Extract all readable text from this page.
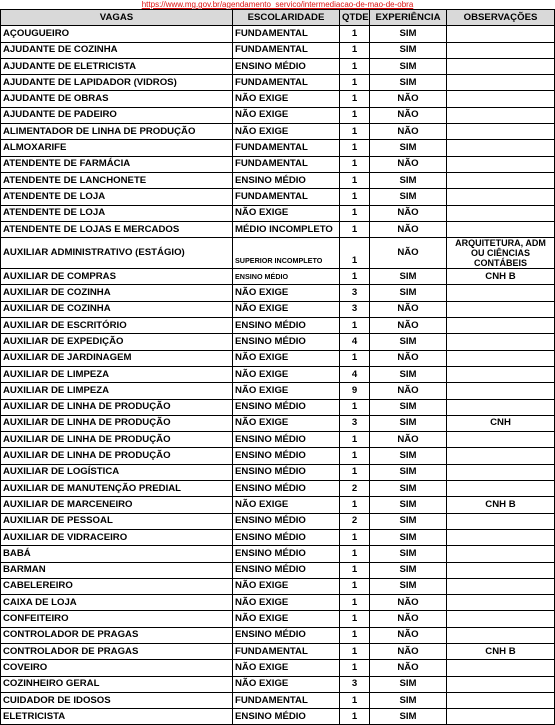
https://www.mg.gov.br/agendamento_servico/intermediacao-de-mao-de-obra
VAGAS	ESCOLARIDADE	QTDE	EXPERIÊNCIA	OBSERVAÇÕES
AÇOUGUEIRO	FUNDAMENTAL	1	SIM	
AJUDANTE DE COZINHA	FUNDAMENTAL	1	SIM	
AJUDANTE DE ELETRICISTA	ENSINO MÉDIO	1	SIM	
AJUDANTE DE LAPIDADOR (VIDROS)	FUNDAMENTAL	1	SIM	
AJUDANTE DE OBRAS	NÃO EXIGE	1	NÃO	
AJUDANTE DE PADEIRO	NÃO EXIGE	1	NÃO	
ALIMENTADOR DE LINHA DE PRODUÇÃO	NÃO EXIGE	1	NÃO	
ALMOXARIFE	FUNDAMENTAL	1	SIM	
ATENDENTE DE FARMÁCIA	FUNDAMENTAL	1	NÃO	
ATENDENTE DE LANCHONETE	ENSINO MÉDIO	1	SIM	
ATENDENTE DE LOJA	FUNDAMENTAL	1	SIM	
ATENDENTE DE LOJA	NÃO EXIGE	1	NÃO	
ATENDENTE DE LOJAS E MERCADOS	MÉDIO INCOMPLETO	1	NÃO	
AUXILIAR ADMINISTRATIVO (ESTÁGIO)	SUPERIOR INCOMPLETO	1	NÃO	ARQUITETURA, ADM OU CIÊNCIAS CONTÁBEIS
AUXILIAR DE COMPRAS	ENSINO MÉDIO	1	SIM	CNH B
AUXILIAR DE COZINHA	NÃO EXIGE	3	SIM	
AUXILIAR DE COZINHA	NÃO EXIGE	3	NÃO	
AUXILIAR DE ESCRITÓRIO	ENSINO MÉDIO	1	NÃO	
AUXILIAR DE EXPEDIÇÃO	ENSINO MÉDIO	4	SIM	
AUXILIAR DE JARDINAGEM	NÃO EXIGE	1	NÃO	
AUXILIAR DE LIMPEZA	NÃO EXIGE	4	SIM	
AUXILIAR DE LIMPEZA	NÃO EXIGE	9	NÃO	
AUXILIAR DE LINHA DE PRODUÇÃO	ENSINO MÉDIO	1	SIM	
AUXILIAR DE LINHA DE PRODUÇÃO	NÃO EXIGE	3	SIM	CNH
AUXILIAR DE LINHA DE PRODUÇÃO	ENSINO MÉDIO	1	NÃO	
AUXILIAR DE LINHA DE PRODUÇÃO	ENSINO MÉDIO	1	SIM	
AUXILIAR DE LOGÍSTICA	ENSINO MÉDIO	1	SIM	
AUXILIAR DE MANUTENÇÃO PREDIAL	ENSINO MÉDIO	2	SIM	
AUXILIAR DE MARCENEIRO	NÃO EXIGE	1	SIM	CNH B
AUXILIAR DE PESSOAL	ENSINO MÉDIO	2	SIM	
AUXILIAR DE VIDRACEIRO	ENSINO MÉDIO	1	SIM	
BABÁ	ENSINO MÉDIO	1	SIM	
BARMAN	ENSINO MÉDIO	1	SIM	
CABELEREIRO	NÃO EXIGE	1	SIM	
CAIXA DE LOJA	NÃO EXIGE	1	NÃO	
CONFEITEIRO	NÃO EXIGE	1	NÃO	
CONTROLADOR DE PRAGAS	ENSINO MÉDIO	1	NÃO	
CONTROLADOR DE PRAGAS	FUNDAMENTAL	1	NÃO	CNH B
COVEIRO	NÃO EXIGE	1	NÃO	
COZINHEIRO GERAL	NÃO EXIGE	3	SIM	
CUIDADOR DE IDOSOS	FUNDAMENTAL	1	SIM	
ELETRICISTA	ENSINO MÉDIO	1	SIM	
